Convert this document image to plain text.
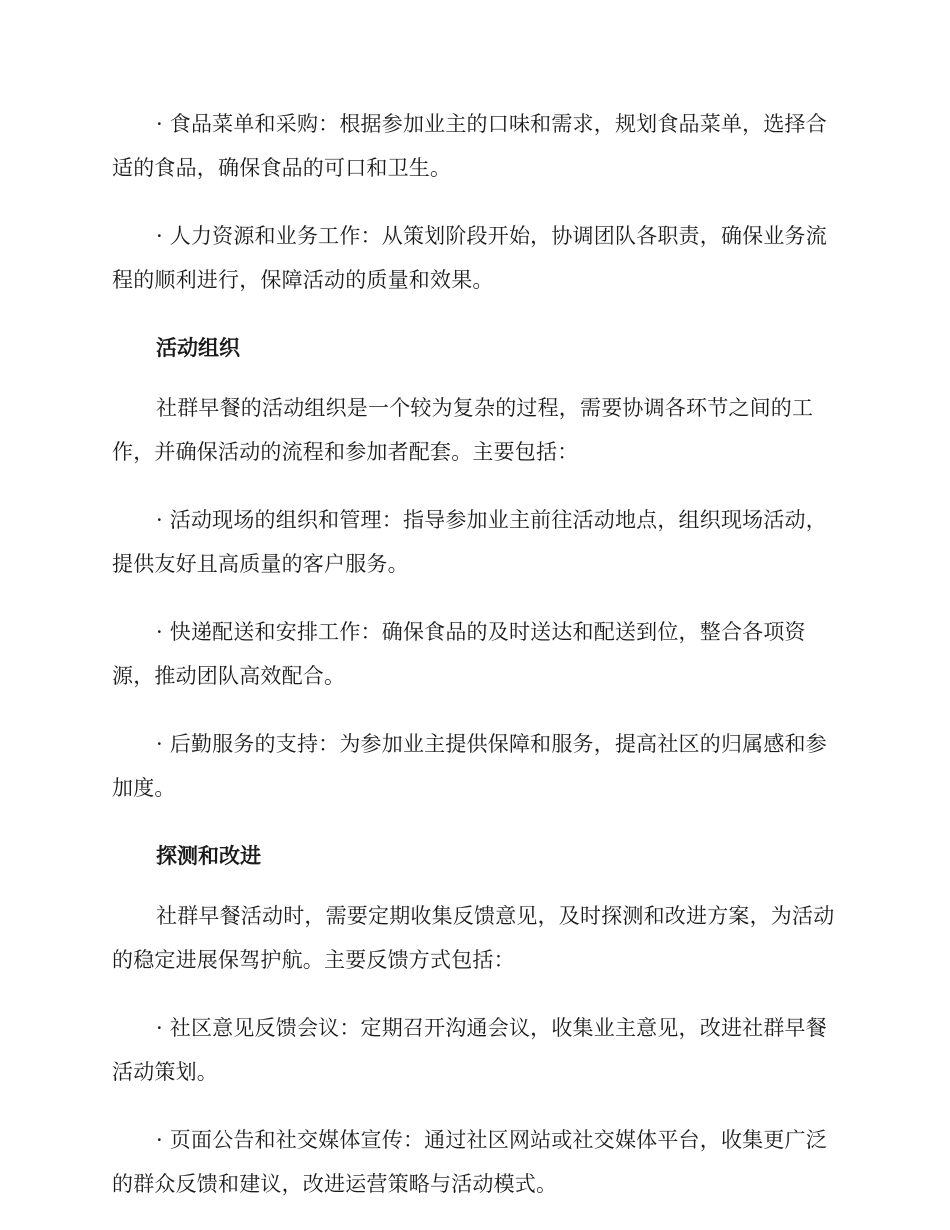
· 食品菜单和采购：根据参加业主的口味和需求，规划食品菜单，选择合适的食品，确保食品的可口和卫生。

· 人力资源和业务工作：从策划阶段开始，协调团队各职责，确保业务流程的顺利进行，保障活动的质量和效果。

活动组织

社群早餐的活动组织是一个较为复杂的过程，需要协调各环节之间的工作，并确保活动的流程和参加者配套。主要包括：

· 活动现场的组织和管理：指导参加业主前往活动地点，组织现场活动，提供友好且高质量的客户服务。

· 快递配送和安排工作：确保食品的及时送达和配送到位，整合各项资源，推动团队高效配合。

· 后勤服务的支持：为参加业主提供保障和服务，提高社区的归属感和参加度。

探测和改进

社群早餐活动时，需要定期收集反馈意见，及时探测和改进方案，为活动的稳定进展保驾护航。主要反馈方式包括：

· 社区意见反馈会议：定期召开沟通会议，收集业主意见，改进社群早餐活动策划。

· 页面公告和社交媒体宣传：通过社区网站或社交媒体平台，收集更广泛的群众反馈和建议，改进运营策略与活动模式。
